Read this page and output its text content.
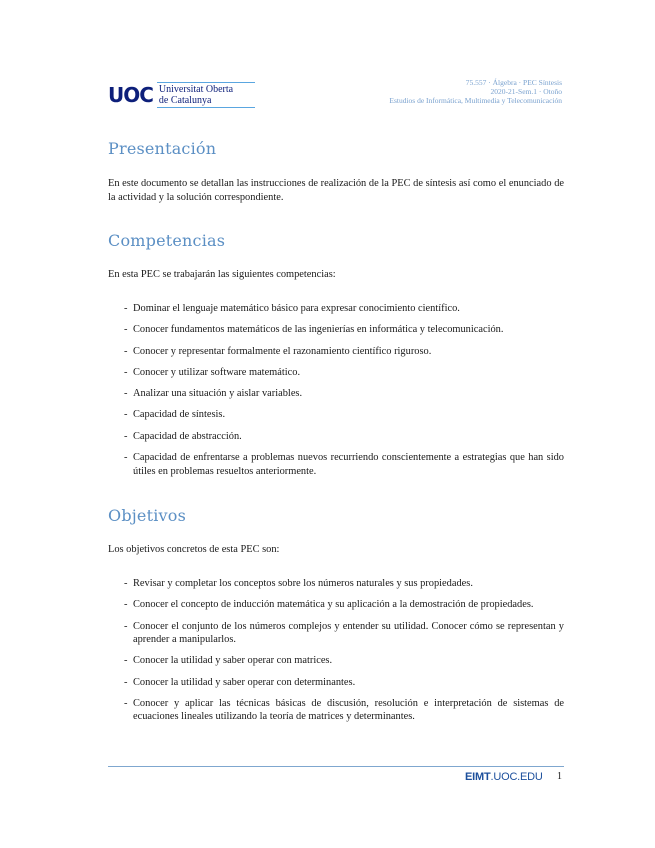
UOC Universitat Oberta
de Catalunya
75.557 · Álgebra · PEC Síntesis
2020-21-Sem.1 · Otoño
Estudios de Informática, Multimedia y Telecomunicación
Presentación

En este documento se detallan las instrucciones de realización de la PEC de síntesis así como el enunciado de la actividad y la solución correspondiente.

Competencias

En esta PEC se trabajarán las siguientes competencias:

- Dominar el lenguaje matemático básico para expresar conocimiento científico.
- Conocer fundamentos matemáticos de las ingenierías en informática y telecomunicación.
- Conocer y representar formalmente el razonamiento científico riguroso.
- Conocer y utilizar software matemático.
- Analizar una situación y aislar variables.
- Capacidad de síntesis.
- Capacidad de abstracción.
- Capacidad de enfrentarse a problemas nuevos recurriendo conscientemente a estrategias que han sido útiles en problemas resueltos anteriormente.
Objetivos

Los objetivos concretos de esta PEC son:

- Revisar y completar los conceptos sobre los números naturales y sus propiedades.
- Conocer el concepto de inducción matemática y su aplicación a la demostración de propiedades.
- Conocer el conjunto de los números complejos y entender su utilidad. Conocer cómo se representan y aprender a manipularlos.
- Conocer la utilidad y saber operar con matrices.
- Conocer la utilidad y saber operar con determinantes.
- Conocer y aplicar las técnicas básicas de discusión, resolución e interpretación de sistemas de ecuaciones lineales utilizando la teoría de matrices y determinantes.
EIMT.UOC.EDU 1
